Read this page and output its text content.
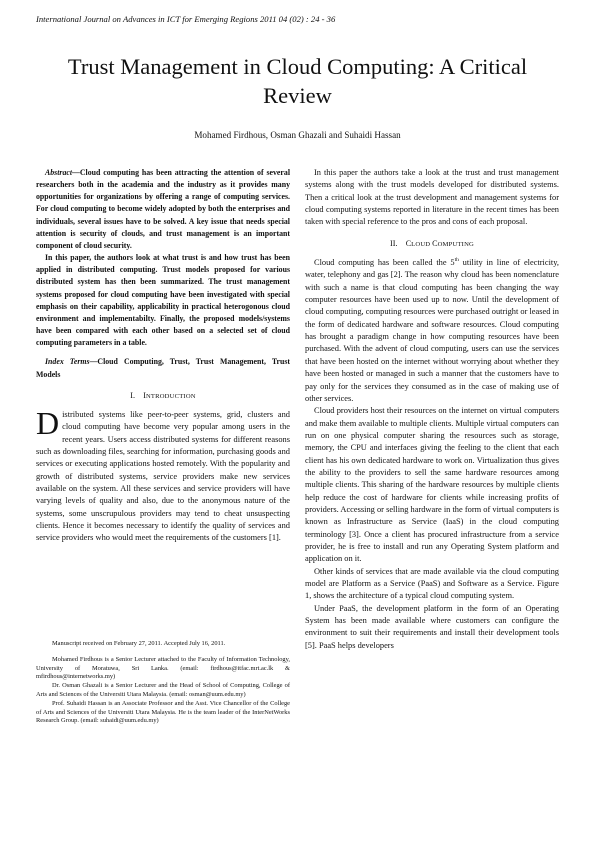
International Journal on Advances in ICT for Emerging Regions 2011 04 (02) : 24 - 36
Trust Management in Cloud Computing: A Critical
Review
Mohamed Firdhous, Osman Ghazali and Suhaidi Hassan

Abstract—Cloud computing has been attracting the attention of several researchers both in the academia and the industry as it provides many opportunities for organizations by offering a range of computing services. For cloud computing to become widely adopted by both the enterprises and individuals, several issues have to be solved. A key issue that needs special attention is security of clouds, and trust management is an important component of cloud security.

In this paper, the authors look at what trust is and how trust has been applied in distributed computing. Trust models proposed for various distributed system has then been summarized. The trust management systems proposed for cloud computing have been investigated with special emphasis on their capability, applicability in practical heterogonous cloud environment and implementabilty. Finally, the proposed models/systems have been compared with each other based on a selected set of cloud computing parameters in a table.

Index Terms—Cloud Computing, Trust, Trust Management, Trust Models

I. INTRODUCTION

Distributed systems like peer-to-peer systems, grid, clusters and cloud computing have become very popular among users in the recent years. Users access distributed systems for different reasons such as downloading files, searching for information, purchasing goods and services or executing applications hosted remotely. With the popularity and growth of distributed systems, service providers make new services available on the system. All these services and service providers will have varying levels of quality and also, due to the anonymous nature of the systems, some unscrupulous providers may tend to cheat unsuspecting clients. Hence it becomes necessary to identify the quality of services and service providers who would meet the requirements of the customers [1].

Manuscript received on February 27, 2011. Accepted July 16, 2011.

Mohamed Firdhous is a Senior Lecturer attached to the Faculty of Information Technology, University of Moratuwa, Sri Lanka. (email: firdhous@itfac.mrt.ac.lk & mfirdhous@internetworks.my)

Dr. Osman Ghazali is a Senior Lecturer and the Head of School of Computing, College of Arts and Sciences of the Universiti Utara Malaysia. (email: osman@uum.edu.my)

Prof. Suhaidi Hassan is an Associate Professor and the Asst. Vice Chancellor of the College of Arts and Sciences of the Universiti Utara Malaysia. He is the team leader of the InterNetWorks Research Group. (email: suhaidi@uum.edu.my)

In this paper the authors take a look at the trust and trust management systems along with the trust models developed for distributed systems. Then a critical look at the trust development and management systems for cloud computing systems reported in literature in the recent times has been taken with special reference to the pros and cons of each proposal.

II. CLOUD COMPUTING

Cloud computing has been called the 5th utility in line of electricity, water, telephony and gas [2]. The reason why cloud has been nomenclature with such a name is that cloud computing has been changing the way computer resources have been used up to now. Until the development of cloud computing, computing resources were purchased outright or leased in the form of dedicated hardware and software resources. Cloud computing has brought a paradigm change in how computing resources have been purchased. With the advent of cloud computing, users can use the services that have been hosted on the internet without worrying about whether they have been hosted or managed in such a manner that the customers have to pay only for the services they consumed as in the case of making use of other services.

Cloud providers host their resources on the internet on virtual computers and make them available to multiple clients. Multiple virtual computers can run on one physical computer sharing the resources such as storage, memory, the CPU and interfaces giving the feeling to the client that each client has his own dedicated hardware to work on. Virtualization thus gives the ability to the providers to sell the same hardware resources among multiple clients. This sharing of the hardware resources by multiple clients help reduce the cost of hardware for clients while increasing profits of providers. Accessing or selling hardware in the form of virtual computers is known as Infrastructure as Service (IaaS) in the cloud computing terminology [3]. Once a client has procured infrastructure from a service provider, he is free to install and run any Operating System platform and application on it.

Other kinds of services that are made available via the cloud computing model are Platform as a Service (PaaS) and Software as a Service. Figure 1, shows the architecture of a typical cloud computing system.

Under PaaS, the development platform in the form of an Operating System has been made available where customers can configure the environment to suit their requirements and install their development tools [5]. PaaS helps developers
